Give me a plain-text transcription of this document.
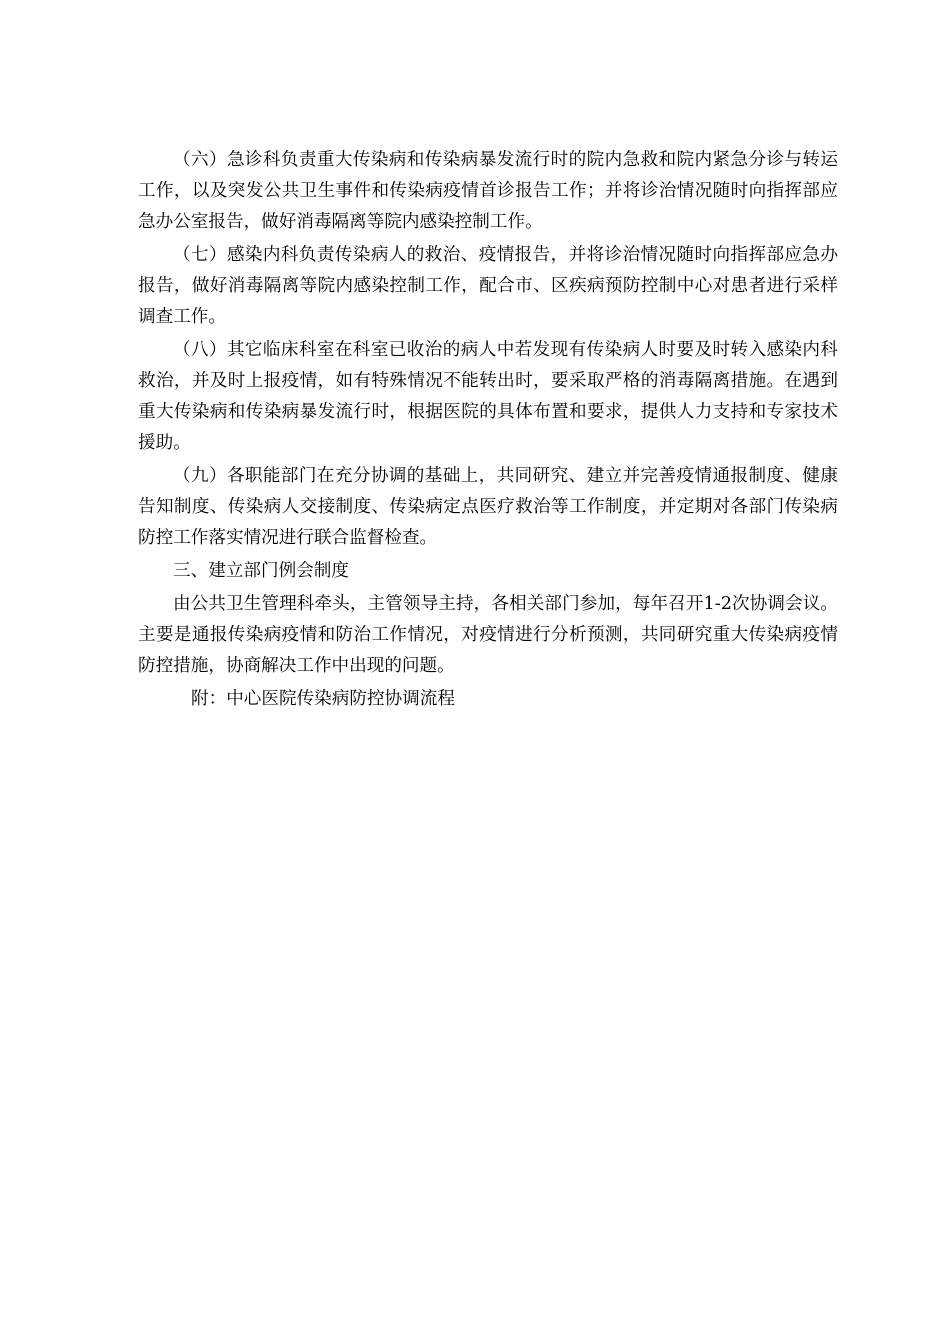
（六）急诊科负责重大传染病和传染病暴发流行时的院内急救和院内紧急分诊与转运工作，以及突发公共卫生事件和传染病疫情首诊报告工作；并将诊治情况随时向指挥部应急办公室报告，做好消毒隔离等院内感染控制工作。

（七）感染内科负责传染病人的救治、疫情报告，并将诊治情况随时向指挥部应急办报告，做好消毒隔离等院内感染控制工作，配合市、区疾病预防控制中心对患者进行采样调查工作。

（八）其它临床科室在科室已收治的病人中若发现有传染病人时要及时转入感染内科救治，并及时上报疫情，如有特殊情况不能转出时，要采取严格的消毒隔离措施。在遇到重大传染病和传染病暴发流行时，根据医院的具体布置和要求，提供人力支持和专家技术援助。

（九）各职能部门在充分协调的基础上，共同研究、建立并完善疫情通报制度、健康告知制度、传染病人交接制度、传染病定点医疗救治等工作制度，并定期对各部门传染病防控工作落实情况进行联合监督检查。

三、建立部门例会制度

由公共卫生管理科牵头，主管领导主持，各相关部门参加，每年召开1-2次协调会议。主要是通报传染病疫情和防治工作情况，对疫情进行分析预测，共同研究重大传染病疫情防控措施，协商解决工作中出现的问题。

附：中心医院传染病防控协调流程
